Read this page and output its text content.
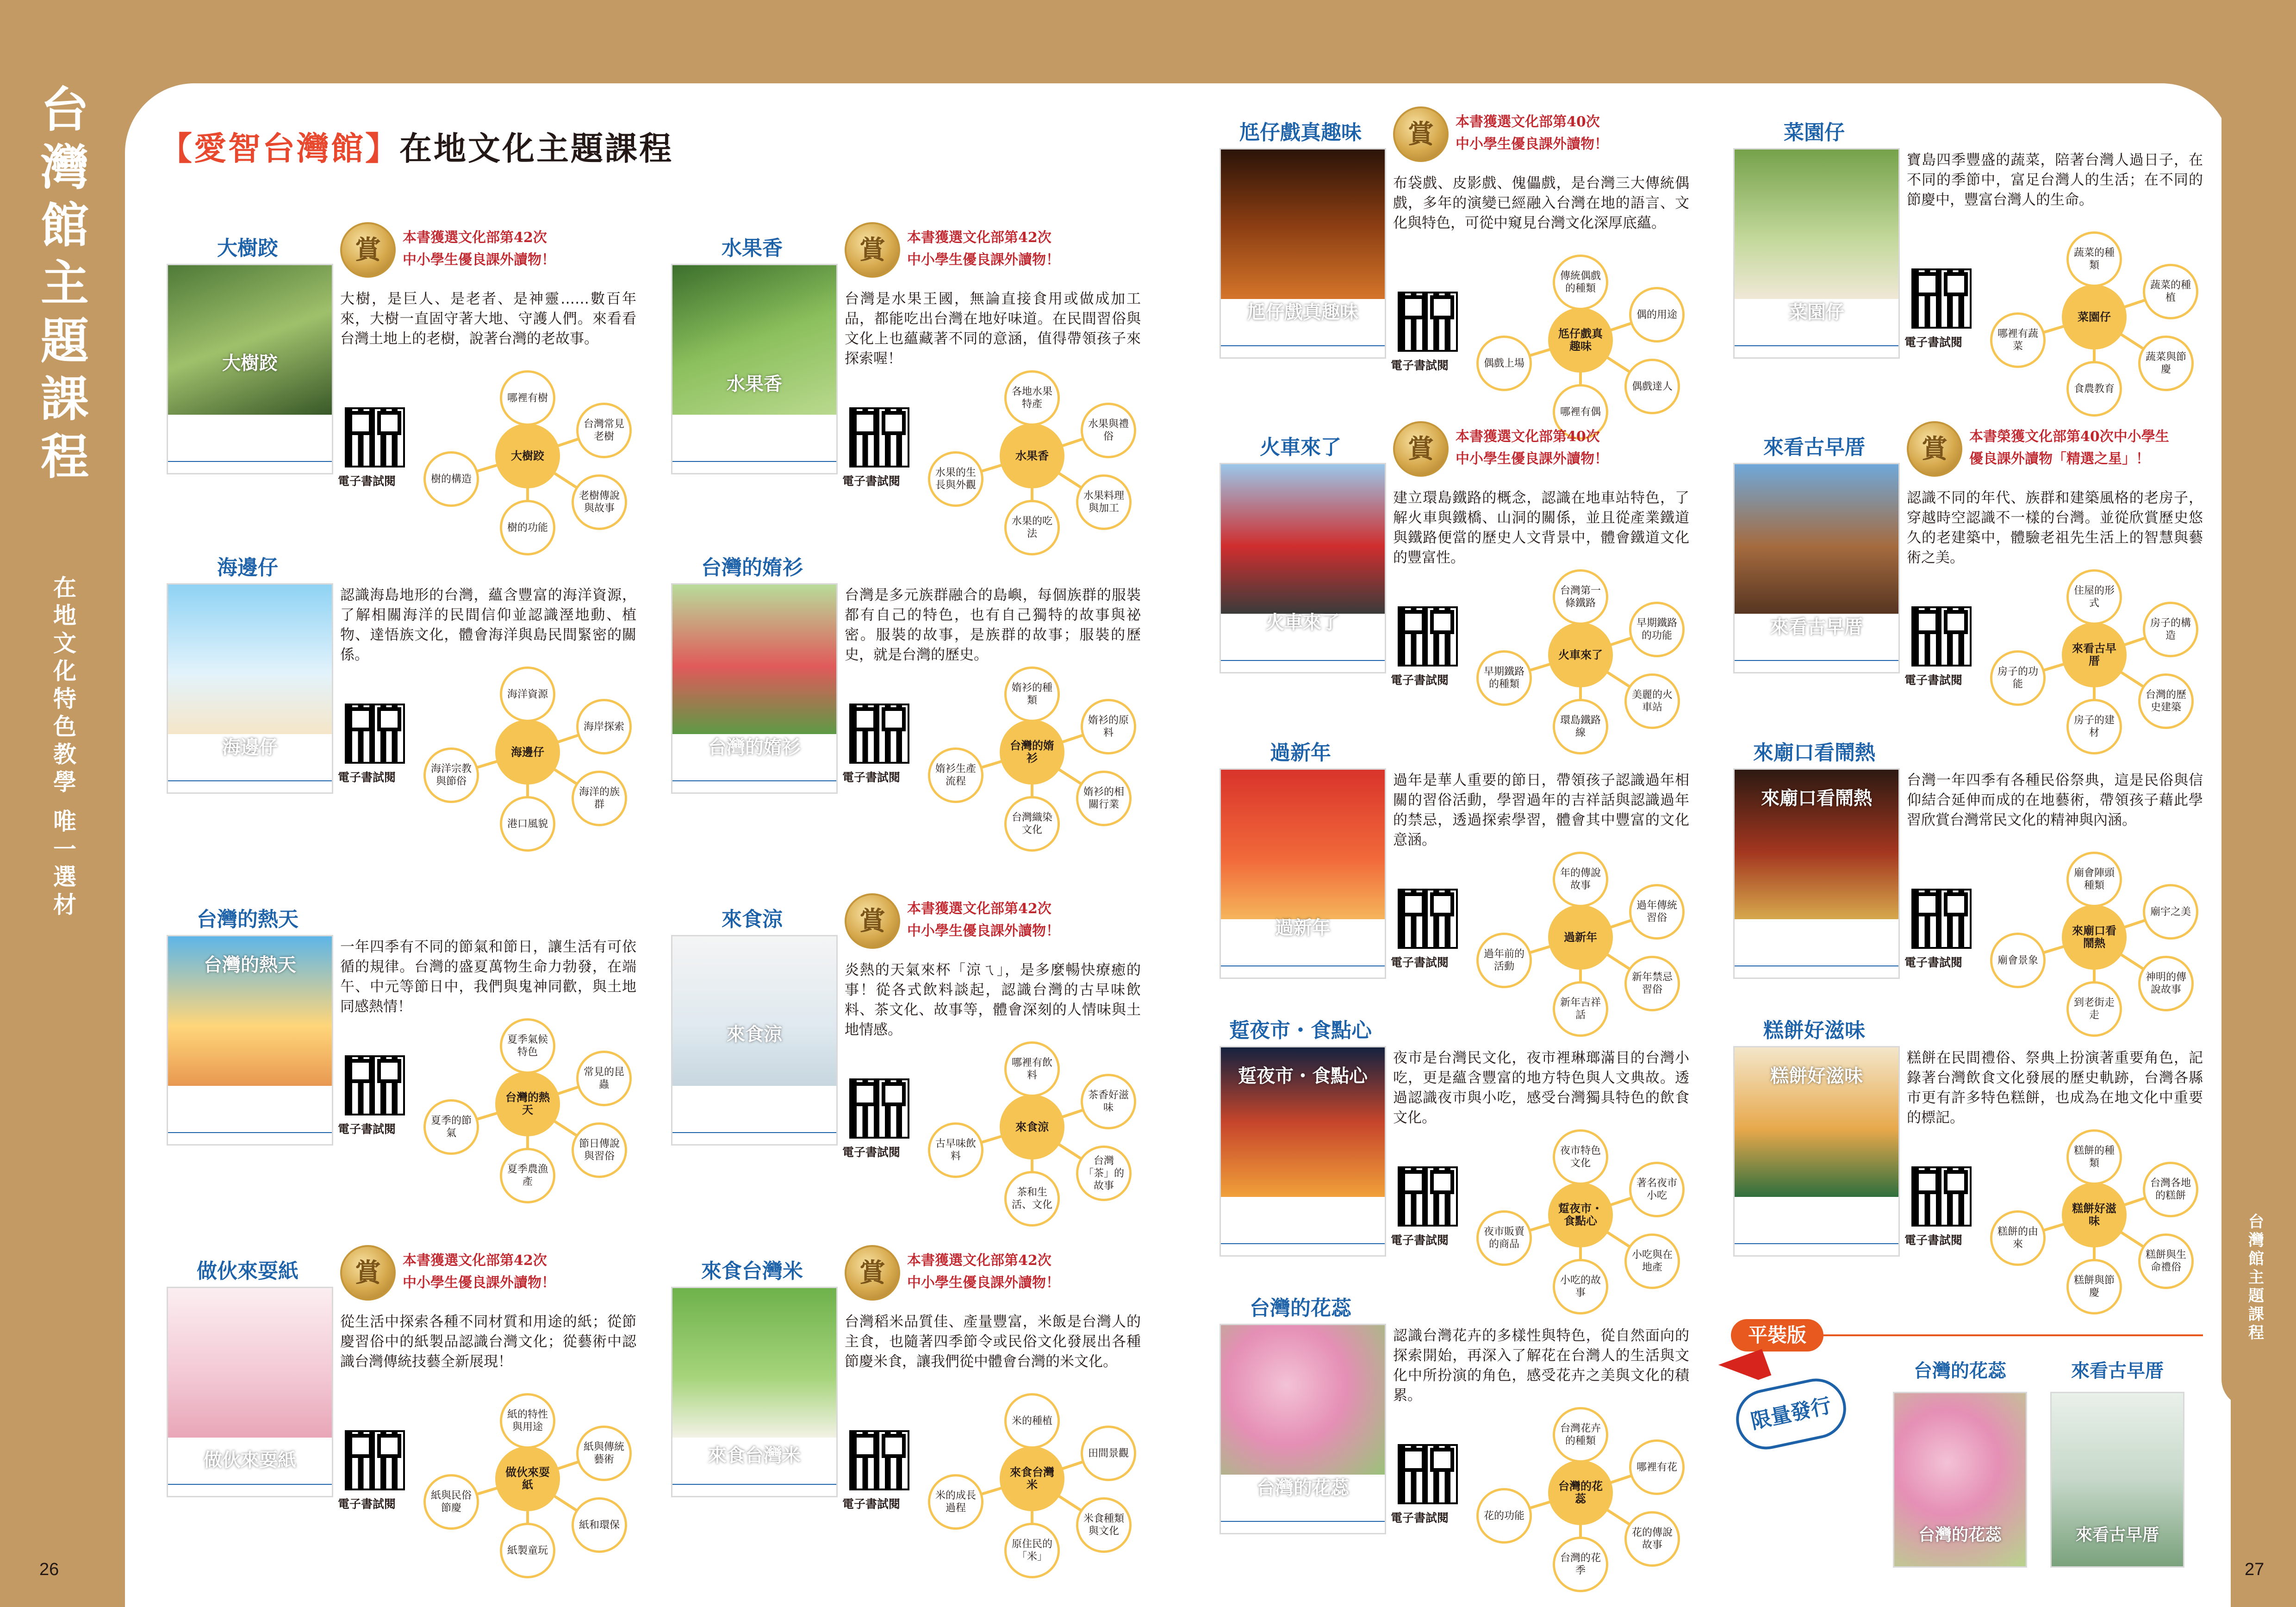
台灣館主題課程
在地文化特色教學
唯一選材
台灣館主題課程
26	27
【愛智台灣館】在地文化主題課程
大樹跤
大樹跤
賞	本書獲選文化部第42次
中小學生優良課外讀物！
大樹，是巨人、是老者、是神靈……數百年來，大樹一直固守著大地、守護人們。來看看台灣土地上的老樹，說著台灣的老故事。
電子書試閱
大樹跤
哪裡有樹
台灣常見老樹
老樹傳說與故事
樹的功能
樹的構造
水果香
水果香
賞	本書獲選文化部第42次
中小學生優良課外讀物！
台灣是水果王國，無論直接食用或做成加工品，都能吃出台灣在地好味道。在民間習俗與文化上也蘊藏著不同的意涵，值得帶領孩子來探索喔！
電子書試閱
水果香
各地水果特產
水果與禮俗
水果料理與加工
水果的吃法
水果的生長與外觀
海邊仔
海邊仔
認識海島地形的台灣，蘊含豐富的海洋資源，了解相關海洋的民間信仰並認識溼地動、植物、達悟族文化，體會海洋與島民間緊密的關係。
電子書試閱
海邊仔
海洋資源
海岸探索
海洋的族群
港口風貌
海洋宗教與節俗
台灣的媠衫
台灣的媠衫
台灣是多元族群融合的島嶼，每個族群的服裝都有自己的特色，也有自己獨特的故事與祕密。服裝的故事，是族群的故事；服裝的歷史，就是台灣的歷史。
電子書試閱
台灣的媠衫
媠衫的種類
媠衫的原料
媠衫的相關行業
台灣織染文化
媠衫生產流程
台灣的熱天
台灣的熱天
一年四季有不同的節氣和節日，讓生活有可依循的規律。台灣的盛夏萬物生命力勃發，在端午、中元等節日中，我們與鬼神同歡，與土地同感熱情！
電子書試閱
台灣的熱天
夏季氣候特色
常見的昆蟲
節日傳說與習俗
夏季農漁產
夏季的節氣
來食涼
來食涼
賞	本書獲選文化部第42次
中小學生優良課外讀物！
炎熱的天氣來杯「涼ㄟ」，是多麼暢快療癒的事！從各式飲料談起，認識台灣的古早味飲料、茶文化、故事等，體會深刻的人情味與土地情感。
電子書試閱
來食涼
哪裡有飲料
茶香好滋味
台灣「茶」的故事
茶和生活、文化
古早味飲料
做伙來耍紙
做伙來耍紙
賞	本書獲選文化部第42次
中小學生優良課外讀物！
從生活中探索各種不同材質和用途的紙；從節慶習俗中的紙製品認識台灣文化；從藝術中認識台灣傳統技藝全新展現！
電子書試閱
做伙來耍紙
紙的特性與用途
紙與傳統藝術
紙和環保
紙製童玩
紙與民俗節慶
來食台灣米
來食台灣米
賞	本書獲選文化部第42次
中小學生優良課外讀物！
台灣稻米品質佳、產量豐富，米飯是台灣人的主食，也隨著四季節令或民俗文化發展出各種節慶米食，讓我們從中體會台灣的米文化。
電子書試閱
來食台灣米
米的種植
田間景觀
米食種類與文化
原住民的「米」
米的成長過程
尪仔戲真趣味
尪仔戲真趣味
賞	本書獲選文化部第40次
中小學生優良課外讀物！
布袋戲、皮影戲、傀儡戲，是台灣三大傳統偶戲，多年的演變已經融入台灣在地的語言、文化與特色，可從中窺見台灣文化深厚底蘊。
電子書試閱
尪仔戲真趣味
傳統偶戲的種類
偶的用途
偶戲達人
哪裡有偶
偶戲上場
菜園仔
菜園仔
寶島四季豐盛的蔬菜，陪著台灣人過日子，在不同的季節中，富足台灣人的生活；在不同的節慶中，豐富台灣人的生命。
電子書試閱
菜園仔
蔬菜的種類
蔬菜的種植
蔬菜與節慶
食農教育
哪裡有蔬菜
火車來了
火車來了
賞	本書獲選文化部第40次
中小學生優良課外讀物！
建立環島鐵路的概念，認識在地車站特色，了解火車與鐵橋、山洞的關係，並且從產業鐵道與鐵路便當的歷史人文背景中，體會鐵道文化的豐富性。
電子書試閱
火車來了
台灣第一條鐵路
早期鐵路的功能
美麗的火車站
環島鐵路線
早期鐵路的種類
來看古早厝
來看古早厝
賞	本書榮獲文化部第40次中小學生
優良課外讀物「精選之星」！
認識不同的年代、族群和建築風格的老房子，穿越時空認識不一樣的台灣。並從欣賞歷史悠久的老建築中，體驗老祖先生活上的智慧與藝術之美。
電子書試閱
來看古早厝
住屋的形式
房子的構造
台灣的歷史建築
房子的建材
房子的功能
過新年
過新年
過年是華人重要的節日，帶領孩子認識過年相關的習俗活動，學習過年的吉祥話與認識過年的禁忌，透過探索學習，體會其中豐富的文化意涵。
電子書試閱
過新年
年的傳說故事
過年傳統習俗
新年禁忌習俗
新年吉祥話
過年前的活動
來廟口看鬧熱
來廟口看鬧熱
台灣一年四季有各種民俗祭典，這是民俗與信仰結合延伸而成的在地藝術，帶領孩子藉此學習欣賞台灣常民文化的精神與內涵。
電子書試閱
來廟口看鬧熱
廟會陣頭種類
廟宇之美
神明的傳說故事
到老街走走
廟會景象
踅夜市・食點心
踅夜市・食點心
夜市是台灣民文化，夜市裡琳瑯滿目的台灣小吃，更是蘊含豐富的地方特色與人文典故。透過認識夜市與小吃，感受台灣獨具特色的飲食文化。
電子書試閱
踅夜市・食點心
夜市特色文化
著名夜市小吃
小吃與在地產
小吃的故事
夜市販賣的商品
糕餅好滋味
糕餅好滋味
糕餅在民間禮俗、祭典上扮演著重要角色，記錄著台灣飲食文化發展的歷史軌跡，台灣各縣市更有許多特色糕餅，也成為在地文化中重要的標記。
電子書試閱
糕餅好滋味
糕餅的種類
台灣各地的糕餅
糕餅與生命禮俗
糕餅與節慶
糕餅的由來
台灣的花蕊
台灣的花蕊
認識台灣花卉的多樣性與特色，從自然面向的探索開始，再深入了解花在台灣人的生活與文化中所扮演的角色，感受花卉之美與文化的積累。
電子書試閱
台灣的花蕊
台灣花卉的種類
哪裡有花
花的傳說故事
台灣的花季
花的功能
平裝版
限量發行
台灣的花蕊
台灣的花蕊
來看古早厝
來看古早厝
